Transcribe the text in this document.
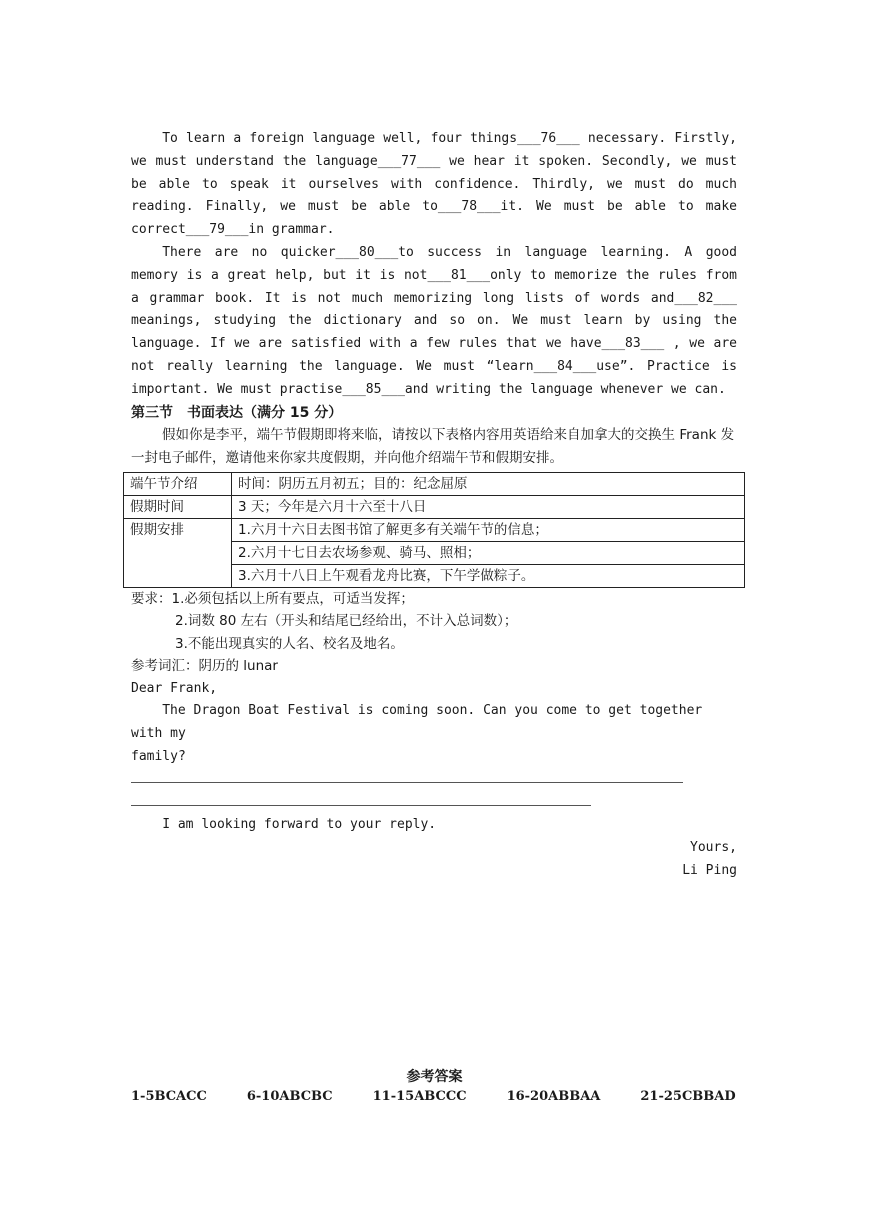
To learn a foreign language well, four things___76___ necessary. Firstly, we must understand the language___77___ we hear it spoken. Secondly, we must be able to speak it ourselves with confidence. Thirdly, we must do much reading. Finally, we must be able to___78___it. We must be able to make correct___79___in grammar.

There are no quicker___80___to success in language learning. A good memory is a great help, but it is not___81___only to memorize the rules from a grammar book. It is not much memorizing long lists of words and___82___ meanings, studying the dictionary and so on. We must learn by using the language. If we are satisfied with a few rules that we have___83___ , we are not really learning the language. We must “learn___84___use”. Practice is important. We must practise___85___and writing the language whenever we can.

第三节　书面表达（满分 15 分）

假如你是李平，端午节假期即将来临，请按以下表格内容用英语给来自加拿大的交换生 Frank 发一封电子邮件，邀请他来你家共度假期，并向他介绍端午节和假期安排。

端午节介绍	时间：阴历五月初五；目的：纪念屈原
假期时间	3 天；今年是六月十六至十八日
假期安排	1.六月十六日去图书馆了解更多有关端午节的信息；
2.六月十七日去农场参观、骑马、照相；
3.六月十八日上午观看龙舟比赛，下午学做粽子。
要求：1.必须包括以上所有要点，可适当发挥；
2.词数 80 左右（开头和结尾已经给出，不计入总词数）；
3.不能出现真实的人名、校名及地名。
参考词汇：阴历的 lunar

Dear Frank,

The Dragon Boat Festival is coming soon. Can you come to get together with my

family?

I am looking forward to your reply.

Yours,

Li Ping

参考答案
1-5BCACC	6-10ABCBC	11-15ABCCC	16-20ABBAA	21-25CBBAD
